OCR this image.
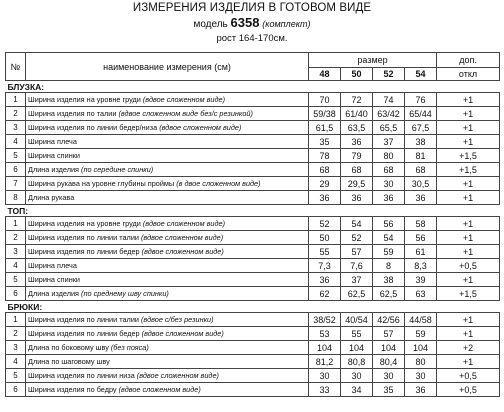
ИЗМЕРЕНИЯ ИЗДЕЛИЯ В ГОТОВОМ ВИДЕ
модель 6358 (комплект)
рост 164-170см.
№	наименование измерения (см)	размер				доп.
		48	50	52	54	откл
БЛУЗКА:						
1	Ширина изделия на уровне груди (вдвое сложенном виде)	70	72	74	76	+1
2	Ширина изделия по талии (вдвое сложенном виде без/с резинкой)	59/38	61/40	63/42	65/44	+1
3	Ширина изделия по линии бедер/низа (вдвое сложенном виде)	61,5	63,5	65,5	67,5	+1
4	Ширина плеча	35	36	37	38	+1
5	Ширина спинки	78	79	80	81	+1,5
6	Длина изделия (по середине спинки)	68	68	68	68	+1,5
7	Ширина рукава на уровне глубины проймы (в двое сложенном виде)	29	29,5	30	30,5	+1
8	Длина рукава	36	36	36	36	+1
ТОП:						
1	Ширина изделия на уровне груди (вдвое сложенном виде)	52	54	56	58	+1
2	Ширина изделия по линии талии (вдвое сложенном виде)	50	52	54	56	+1
3	Ширина изделия по линии бедер (вдвое сложенном виде)	55	57	59	61	+1
4	Ширина плеча	7,3	7,6	8	8,3	+0,5
5	Ширина спинки	36	37	38	39	+1
6	Длина изделия (по среднему шву спинки)	62	62,5	62,5	63	+1,5
БРЮКИ:						
1	Ширина изделия по линии талии (вдвое с/без резинки)	38/52	40/54	42/56	44/58	+1
2	Ширина изделия по линии бедер (вдвое сложенном виде)	53	55	57	59	+1
3	Длина по боковому шву (без пояса)	104	104	104	104	+2
4	Длина по шаговому шву	81,2	80,8	80,4	80	+1
5	Ширина изделия по линии низа (вдвое сложенном виде)	30	30	30	30	+0,5
6	Ширина изделия по бедру (вдвое сложенном виде)	33	34	35	36	+0,5
